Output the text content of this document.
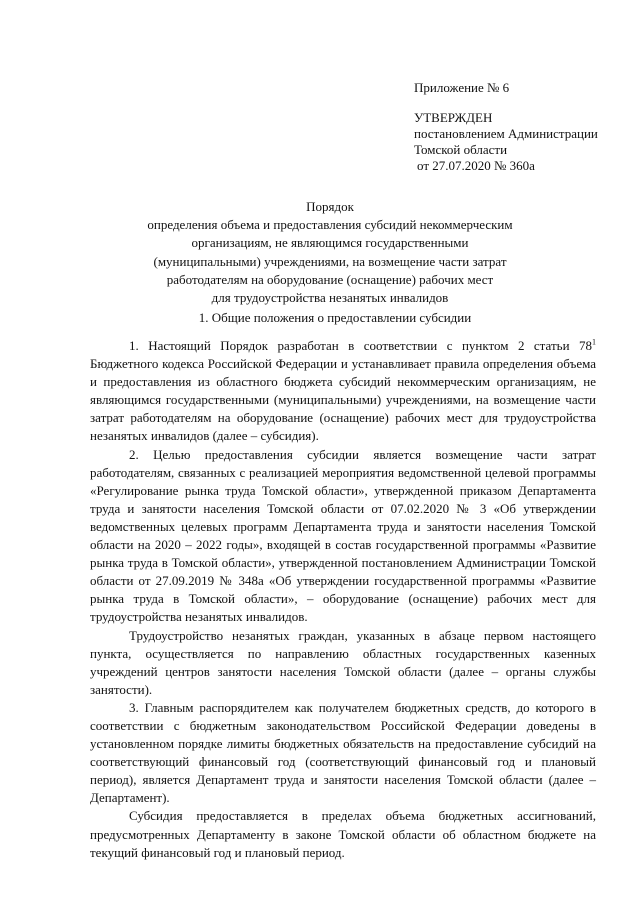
Приложение № 6
УТВЕРЖДЕН
постановлением Администрации
Томской области
от 27.07.2020 № 360а
Порядок
определения объема и предоставления субсидий некоммерческим
организациям, не являющимся государственными
(муниципальными) учреждениями, на возмещение части затрат
работодателям на оборудование (оснащение) рабочих мест
для трудоустройства незанятых инвалидов
1. Общие положения о предоставлении субсидии

1. Настоящий Порядок разработан в соответствии с пунктом 2 статьи $78^1$ Бюджетного кодекса Российской Федерации и устанавливает правила определения объема и предоставления из областного бюджета субсидий некоммерческим организациям, не являющимся государственными (муниципальными) учреждениями, на возмещение части затрат работодателям на оборудование (оснащение) рабочих мест для трудоустройства незанятых инвалидов (далее – субсидия).

2. Целью предоставления субсидии является возмещение части затрат работодателям, связанных с реализацией мероприятия ведомственной целевой программы «Регулирование рынка труда Томской области», утвержденной приказом Департамента труда и занятости населения Томской области от 07.02.2020 № 3 «Об утверждении ведомственных целевых программ Департамента труда и занятости населения Томской области на 2020 – 2022 годы», входящей в состав государственной программы «Развитие рынка труда в Томской области», утвержденной постановлением Администрации Томской области от 27.09.2019 № 348а «Об утверждении государственной программы «Развитие рынка труда в Томской области», – оборудование (оснащение) рабочих мест для трудоустройства незанятых инвалидов.

Трудоустройство незанятых граждан, указанных в абзаце первом настоящего пункта, осуществляется по направлению областных государственных казенных учреждений центров занятости населения Томской области (далее – органы службы занятости).

3. Главным распорядителем как получателем бюджетных средств, до которого в соответствии с бюджетным законодательством Российской Федерации доведены в установленном порядке лимиты бюджетных обязательств на предоставление субсидий на соответствующий финансовый год (соответствующий финансовый год и плановый период), является Департамент труда и занятости населения Томской области (далее – Департамент).

Субсидия предоставляется в пределах объема бюджетных ассигнований, предусмотренных Департаменту в законе Томской области об областном бюджете на текущий финансовый год и плановый период.
